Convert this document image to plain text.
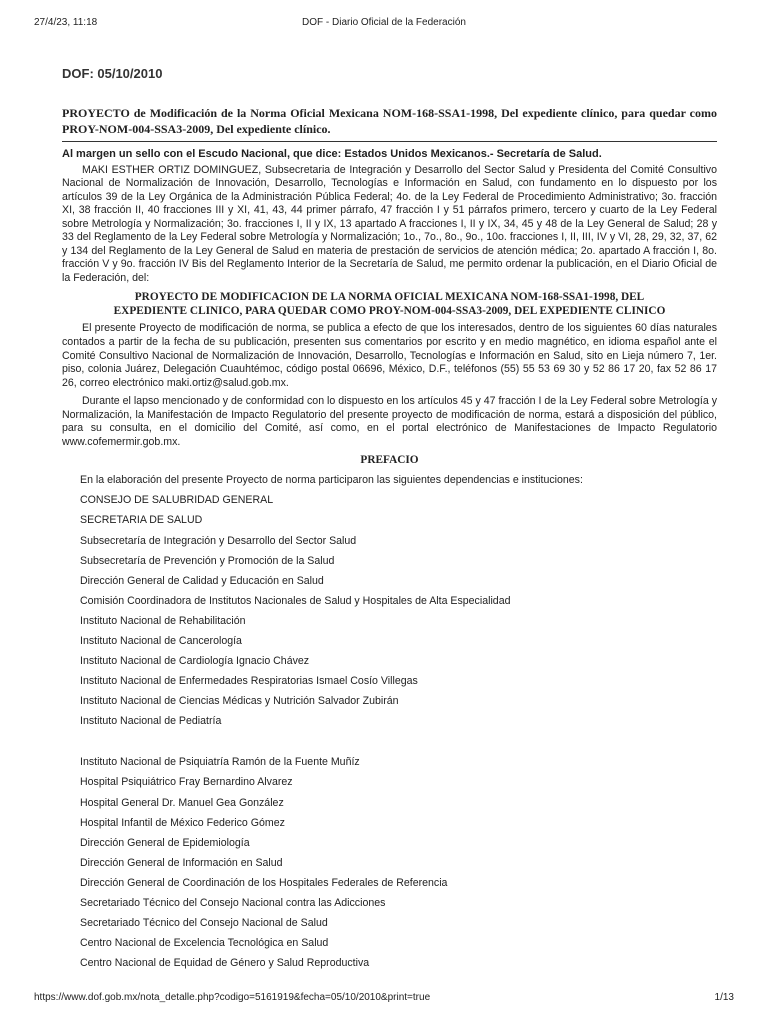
27/4/23, 11:18	DOF - Diario Oficial de la Federación
DOF: 05/10/2010
PROYECTO de Modificación de la Norma Oficial Mexicana NOM-168-SSA1-1998, Del expediente clínico, para quedar como PROY-NOM-004-SSA3-2009, Del expediente clínico.
Al margen un sello con el Escudo Nacional, que dice: Estados Unidos Mexicanos.- Secretaría de Salud.

MAKI ESTHER ORTIZ DOMINGUEZ, Subsecretaria de Integración y Desarrollo del Sector Salud y Presidenta del Comité Consultivo Nacional de Normalización de Innovación, Desarrollo, Tecnologías e Información en Salud, con fundamento en lo dispuesto por los artículos 39 de la Ley Orgánica de la Administración Pública Federal; 4o. de la Ley Federal de Procedimiento Administrativo; 3o. fracción XI, 38 fracción II, 40 fracciones III y XI, 41, 43, 44 primer párrafo, 47 fracción I y 51 párrafos primero, tercero y cuarto de la Ley Federal sobre Metrología y Normalización; 3o. fracciones I, II y IX, 13 apartado A fracciones I, II y IX, 34, 45 y 48 de la Ley General de Salud; 28 y 33 del Reglamento de la Ley Federal sobre Metrología y Normalización; 1o., 7o., 8o., 9o., 10o. fracciones I, II, III, IV y VI, 28, 29, 32, 37, 62 y 134 del Reglamento de la Ley General de Salud en materia de prestación de servicios de atención médica; 2o. apartado A fracción I, 8o. fracción V y 9o. fracción IV Bis del Reglamento Interior de la Secretaría de Salud, me permito ordenar la publicación, en el Diario Oficial de la Federación, del:

PROYECTO DE MODIFICACION DE LA NORMA OFICIAL MEXICANA NOM-168-SSA1-1998, DEL
EXPEDIENTE CLINICO, PARA QUEDAR COMO PROY-NOM-004-SSA3-2009, DEL EXPEDIENTE CLINICO

El presente Proyecto de modificación de norma, se publica a efecto de que los interesados, dentro de los siguientes 60 días naturales contados a partir de la fecha de su publicación, presenten sus comentarios por escrito y en medio magnético, en idioma español ante el Comité Consultivo Nacional de Normalización de Innovación, Desarrollo, Tecnologías e Información en Salud, sito en Lieja número 7, 1er. piso, colonia Juárez, Delegación Cuauhtémoc, código postal 06696, México, D.F., teléfonos (55) 55 53 69 30 y 52 86 17 20, fax 52 86 17 26, correo electrónico maki.ortiz@salud.gob.mx.

Durante el lapso mencionado y de conformidad con lo dispuesto en los artículos 45 y 47 fracción I de la Ley Federal sobre Metrología y Normalización, la Manifestación de Impacto Regulatorio del presente proyecto de modificación de norma, estará a disposición del público, para su consulta, en el domicilio del Comité, así como, en el portal electrónico de Manifestaciones de Impacto Regulatorio www.cofemermir.gob.mx.

PREFACIO
En la elaboración del presente Proyecto de norma participaron las siguientes dependencias e instituciones:
CONSEJO DE SALUBRIDAD GENERAL
SECRETARIA DE SALUD
Subsecretaría de Integración y Desarrollo del Sector Salud
Subsecretaría de Prevención y Promoción de la Salud
Dirección General de Calidad y Educación en Salud
Comisión Coordinadora de Institutos Nacionales de Salud y Hospitales de Alta Especialidad
Instituto Nacional de Rehabilitación
Instituto Nacional de Cancerología
Instituto Nacional de Cardiología Ignacio Chávez
Instituto Nacional de Enfermedades Respiratorias Ismael Cosío Villegas
Instituto Nacional de Ciencias Médicas y Nutrición Salvador Zubirán
Instituto Nacional de Pediatría
Instituto Nacional de Psiquiatría Ramón de la Fuente Muñíz
Hospital Psiquiátrico Fray Bernardino Alvarez
Hospital General Dr. Manuel Gea González
Hospital Infantil de México Federico Gómez
Dirección General de Epidemiología
Dirección General de Información en Salud
Dirección General de Coordinación de los Hospitales Federales de Referencia
Secretariado Técnico del Consejo Nacional contra las Adicciones
Secretariado Técnico del Consejo Nacional de Salud
Centro Nacional de Excelencia Tecnológica en Salud
Centro Nacional de Equidad de Género y Salud Reproductiva
https://www.dof.gob.mx/nota_detalle.php?codigo=5161919&fecha=05/10/2010&print=true	1/13
